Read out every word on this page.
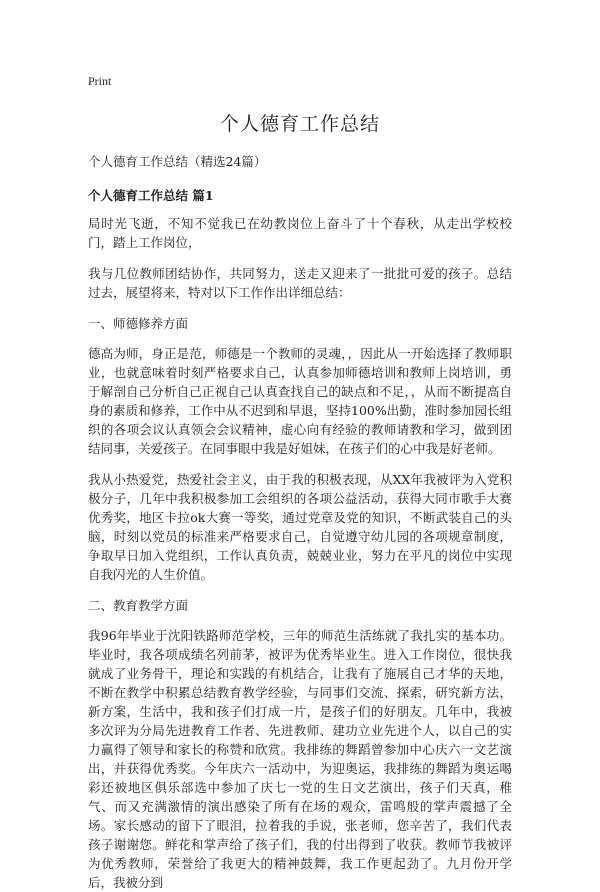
Print
个人德育工作总结

个人德育工作总结（精选24篇）

个人德育工作总结 篇1

局时光飞逝，不知不觉我已在幼教岗位上奋斗了十个春秋，从走出学校校门，踏上工作岗位，

我与几位教师团结协作，共同努力，送走又迎来了一批批可爱的孩子。总结过去，展望将来，特对以下工作作出详细总结：

一、师德修养方面

德高为师，身正是范，师德是一个教师的灵魂，，因此从一开始选择了教师职业，也就意味着时刻严格要求自己，认真参加师德培训和教师上岗培训，勇于解剖自己分析自己正视自己认真查找自己的缺点和不足，，从而不断提高自身的素质和修养，工作中从不迟到和早退，坚持100%出勤，准时参加园长组织的各项会议认真领会会议精神，虚心向有经验的教师请教和学习，做到团结同事，关爱孩子。在同事眼中我是好姐妹，在孩子们的心中我是好老师。

我从小热爱党，热爱社会主义，由于我的积极表现，从XX年我被评为入党积极分子，几年中我积极参加工会组织的各项公益活动，获得大同市歌手大赛优秀奖，地区卡拉ok大赛一等奖，通过党章及党的知识，不断武装自己的头脑，时刻以党员的标准来严格要求自己，自觉遵守幼儿园的各项规章制度，争取早日加入党组织，工作认真负责，兢兢业业，努力在平凡的岗位中实现自我闪光的人生价值。

二、教育教学方面

我96年毕业于沈阳铁路师范学校，三年的师范生活练就了我扎实的基本功。毕业时，我各项成绩名列前茅，被评为优秀毕业生。进入工作岗位，很快我就成了业务骨干，理论和实践的有机结合，让我有了施展自己才华的天地，不断在教学中积累总结教育教学经验，与同事们交流、探索，研究新方法，新方案，生活中，我和孩子们打成一片，是孩子们的好朋友。几年中，我被多次评为分局先进教育工作者、先进教师、建功立业先进个人，以自己的实力赢得了领导和家长的称赞和欣赏。我排练的舞蹈曾参加中心庆六一文艺演出，并获得优秀奖。今年庆六一活动中，为迎奥运，我排练的舞蹈为奥运喝彩还被地区俱乐部选中参加了庆七一党的生日文艺演出，孩子们天真，稚气、而又充满激情的演出感染了所有在场的观众，雷鸣般的掌声震撼了全场。家长感动的留下了眼泪，拉着我的手说，张老师，您辛苦了，我们代表孩子谢谢您。鲜花和掌声给了孩子们，我的付出得到了收获。教师节我被评为优秀教师，荣誉给了我更大的精神鼓舞，我工作更起劲了。九月份开学后，我被分到
